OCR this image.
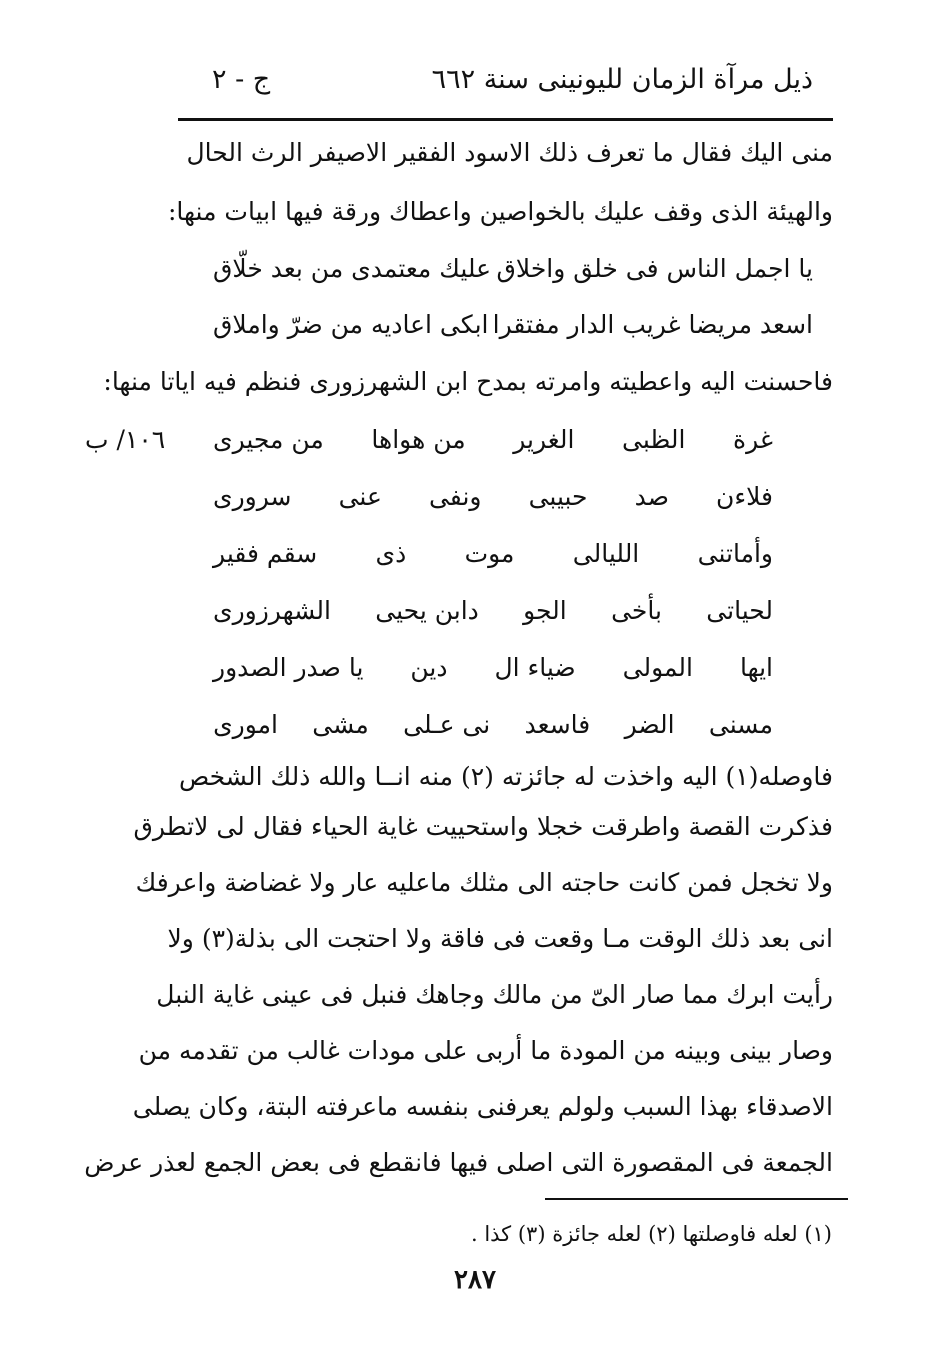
ذيل مرآة الزمان لليونينى سنة ٦٦٢
ج - ٢
منى اليك فقال ما تعرف ذلك الاسود الفقير الاصيفر الرث الحال
والهيئة الذى وقف عليك بالخواصين واعطاك ورقة فيها ابيات منها:
يا اجمل الناس فى خلق واخلاق
عليك معتمدى من بعد خلّاق
اسعد مريضا غريب الدار مفتقرا
ابكى اعاديه من ضرّ واملاق
فاحسنت اليه واعطيته وامرته بمدح ابن الشهرزورى فنظم فيه اياتا منها:
١٠٦/ ب	غرة
الظبى
الغرير
من هواها
من مجيرى
فلاءن
صد
حبيبى
ونفى
عنى
سرورى
وأماتنى
الليالى
موت
ذى
سقم فقير
لحياتى
بأخى
الجو
دابن يحيى
الشهرزورى
ايها
المولى
ضياء ال
دين
يا صدر الصدور
مسنى
الضر
فاسعد
نى عـلى
مشى
امورى
فاوصله(١) اليه واخذت له جائزته (٢) منه انــا والله ذلك الشخص
فذكرت القصة واطرقت خجلا واستحييت غاية الحياء فقال لى لاتطرق
ولا تخجل فمن كانت حاجته الى مثلك ماعليه عار ولا غضاضة واعرفك
انى بعد ذلك الوقت مـا وقعت فى فاقة ولا احتجت الى بذلة(٣) ولا
رأيت ابرك مما صار الىّ من مالك وجاهك فنبل فى عينى غاية النبل
وصار بينى وبينه من المودة ما أربى على مودات غالب من تقدمه من
الاصدقاء بهذا السبب ولولم يعرفنى بنفسه ماعرفته البتة، وكان يصلى
الجمعة فى المقصورة التى اصلى فيها فانقطع فى بعض الجمع لعذر عرض
(١) لعله فاوصلتها (٢) لعله جائزة (٣) كذا .
٢٨٧
